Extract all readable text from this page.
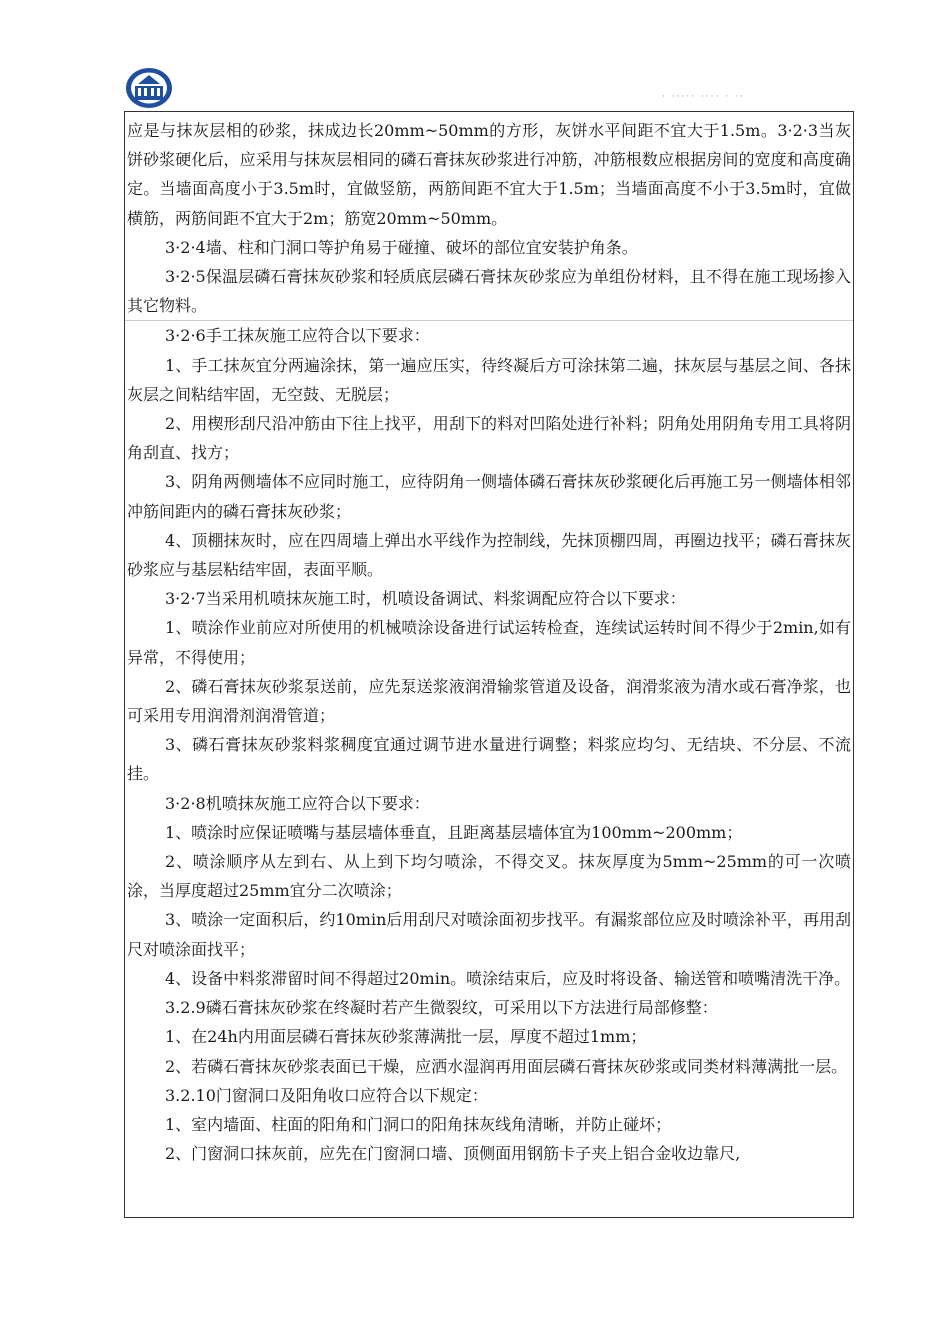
· ····· ···· · ··

应是与抹灰层相的砂浆，抹成边长20mm~50mm的方形，灰饼水平间距不宜大于1.5m。3·2·3当灰饼砂浆硬化后，应采用与抹灰层相同的磷石膏抹灰砂浆进行冲筋，冲筋根数应根据房间的宽度和高度确定。当墙面高度小于3.5m时，宜做竖筋，两筋间距不宜大于1.5m；当墙面高度不小于3.5m时，宜做横筋，两筋间距不宜大于2m；筋宽20mm~50mm。

3·2·4墙、柱和门洞口等护角易于碰撞、破坏的部位宜安装护角条。

3·2·5保温层磷石膏抹灰砂浆和轻质底层磷石膏抹灰砂浆应为单组份材料，且不得在施工现场掺入其它物料。

3·2·6手工抹灰施工应符合以下要求：

1、手工抹灰宜分两遍涂抹，第一遍应压实，待终凝后方可涂抹第二遍，抹灰层与基层之间、各抹灰层之间粘结牢固，无空鼓、无脱层；

2、用楔形刮尺沿冲筋由下往上找平，用刮下的料对凹陷处进行补料；阴角处用阴角专用工具将阴角刮直、找方；

3、阴角两侧墙体不应同时施工，应待阴角一侧墙体磷石膏抹灰砂浆硬化后再施工另一侧墙体相邻冲筋间距内的磷石膏抹灰砂浆；

4、顶棚抹灰时，应在四周墙上弹出水平线作为控制线，先抹顶棚四周，再圈边找平；磷石膏抹灰砂浆应与基层粘结牢固，表面平顺。

3·2·7当采用机喷抹灰施工时，机喷设备调试、料浆调配应符合以下要求：

1、喷涂作业前应对所使用的机械喷涂设备进行试运转检查，连续试运转时间不得少于2min,如有异常，不得使用；

2、磷石膏抹灰砂浆泵送前，应先泵送浆液润滑输浆管道及设备，润滑浆液为清水或石膏净浆，也可采用专用润滑剂润滑管道；

3、磷石膏抹灰砂浆料浆稠度宜通过调节进水量进行调整；料浆应均匀、无结块、不分层、不流挂。

3·2·8机喷抹灰施工应符合以下要求：

1、喷涂时应保证喷嘴与基层墙体垂直，且距离基层墙体宜为100mm~200mm；

2、喷涂顺序从左到右、从上到下均匀喷涂，不得交叉。抹灰厚度为5mm~25mm的可一次喷涂，当厚度超过25mm宜分二次喷涂；

3、喷涂一定面积后，约10min后用刮尺对喷涂面初步找平。有漏浆部位应及时喷涂补平，再用刮尺对喷涂面找平；

4、设备中料浆滞留时间不得超过20min。喷涂结束后，应及时将设备、输送管和喷嘴清洗干净。

3.2.9磷石膏抹灰砂浆在终凝时若产生微裂纹，可采用以下方法进行局部修整：

1、在24h内用面层磷石膏抹灰砂浆薄满批一层，厚度不超过1mm；

2、若磷石膏抹灰砂浆表面已干燥，应洒水湿润再用面层磷石膏抹灰砂浆或同类材料薄满批一层。

3.2.10门窗洞口及阳角收口应符合以下规定：

1、室内墙面、柱面的阳角和门洞口的阳角抹灰线角清晰，并防止碰坏；

2、门窗洞口抹灰前，应先在门窗洞口墙、顶侧面用钢筋卡子夹上铝合金收边靠尺,
